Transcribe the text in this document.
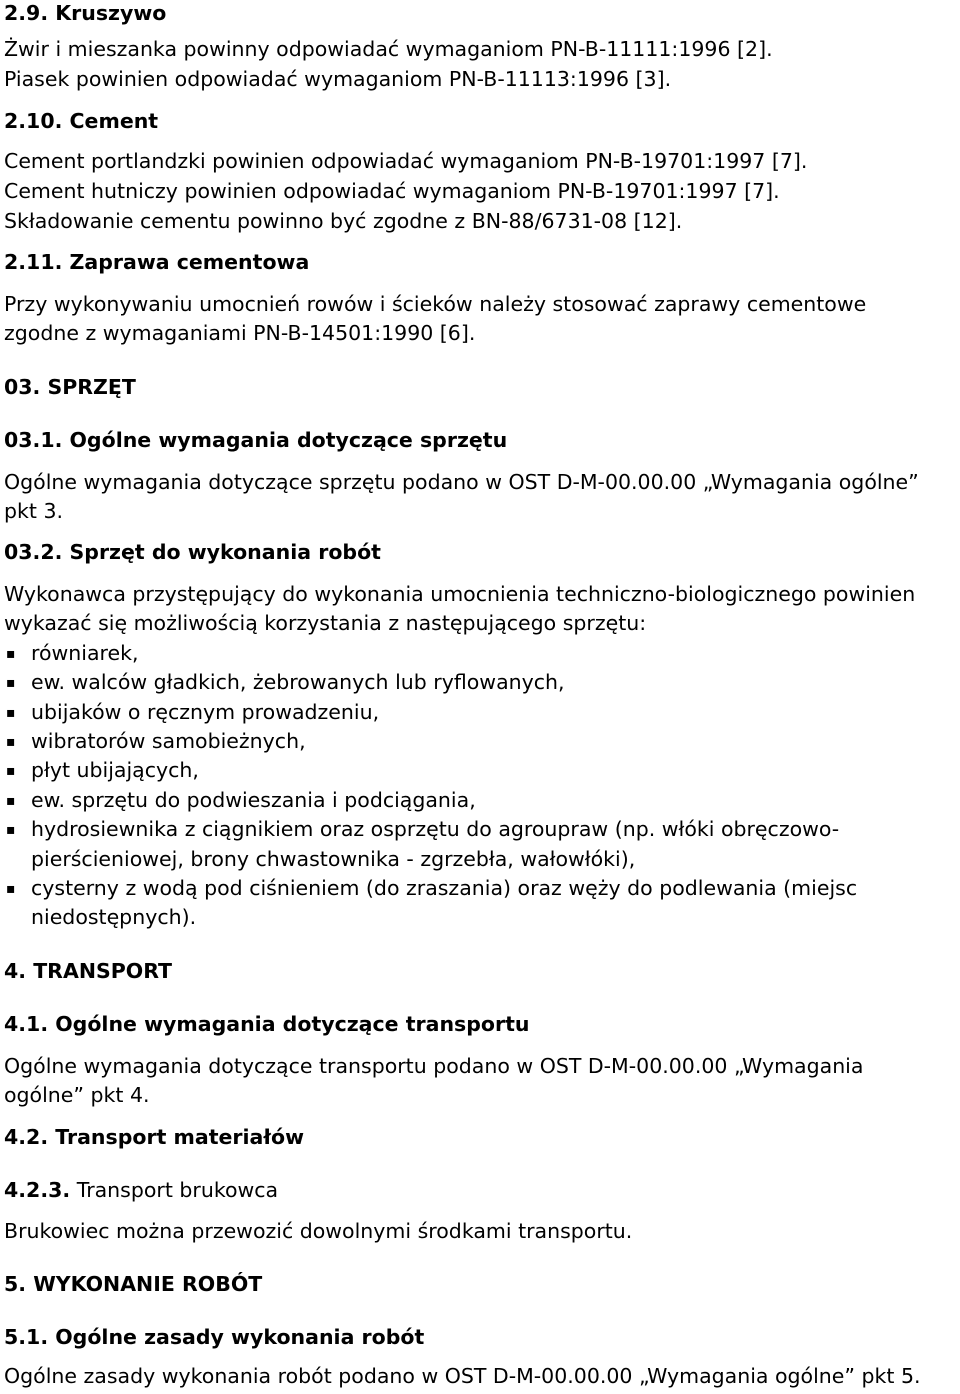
2.9. Kruszywo
Żwir i mieszanka powinny odpowiadać wymaganiom PN-B-11111:1996 [2].
Piasek powinien odpowiadać wymaganiom PN-B-11113:1996 [3].
2.10. Cement
Cement portlandzki powinien odpowiadać wymaganiom PN-B-19701:1997 [7].
Cement hutniczy powinien odpowiadać wymaganiom PN-B-19701:1997 [7].
Składowanie cementu powinno być zgodne z BN-88/6731-08 [12].
2.11. Zaprawa cementowa
Przy wykonywaniu umocnień rowów i ścieków należy stosować zaprawy cementowe
zgodne z wymaganiami PN-B-14501:1990 [6].
03. SPRZĘT
03.1. Ogólne wymagania dotyczące sprzętu
Ogólne wymagania dotyczące sprzętu podano w OST D-M-00.00.00 „Wymagania ogólne”
pkt 3.
03.2. Sprzęt do wykonania robót
Wykonawca przystępujący do wykonania umocnienia techniczno-biologicznego powinien
wykazać się możliwością korzystania z następującego sprzętu:
▪ równiarek,
▪ ew. walców gładkich, żebrowanych lub ryflowanych,
▪ ubijaków o ręcznym prowadzeniu,
▪ wibratorów samobieżnych,
▪ płyt ubijających,
▪ ew. sprzętu do podwieszania i podciągania,
▪ hydrosiewnika z ciągnikiem oraz osprzętu do agroupraw (np. włóki obręczowo-
pierścieniowej, brony chwastownika - zgrzebła, wałowłóki),
▪ cysterny z wodą pod ciśnieniem (do zraszania) oraz węży do podlewania (miejsc
niedostępnych).
4. TRANSPORT
4.1. Ogólne wymagania dotyczące transportu
Ogólne wymagania dotyczące transportu podano w OST D-M-00.00.00 „Wymagania
ogólne” pkt 4.
4.2. Transport materiałów
4.2.3. Transport brukowca
Brukowiec można przewozić dowolnymi środkami transportu.
5. WYKONANIE ROBÓT
5.1. Ogólne zasady wykonania robót
Ogólne zasady wykonania robót podano w OST D-M-00.00.00 „Wymagania ogólne” pkt 5.
